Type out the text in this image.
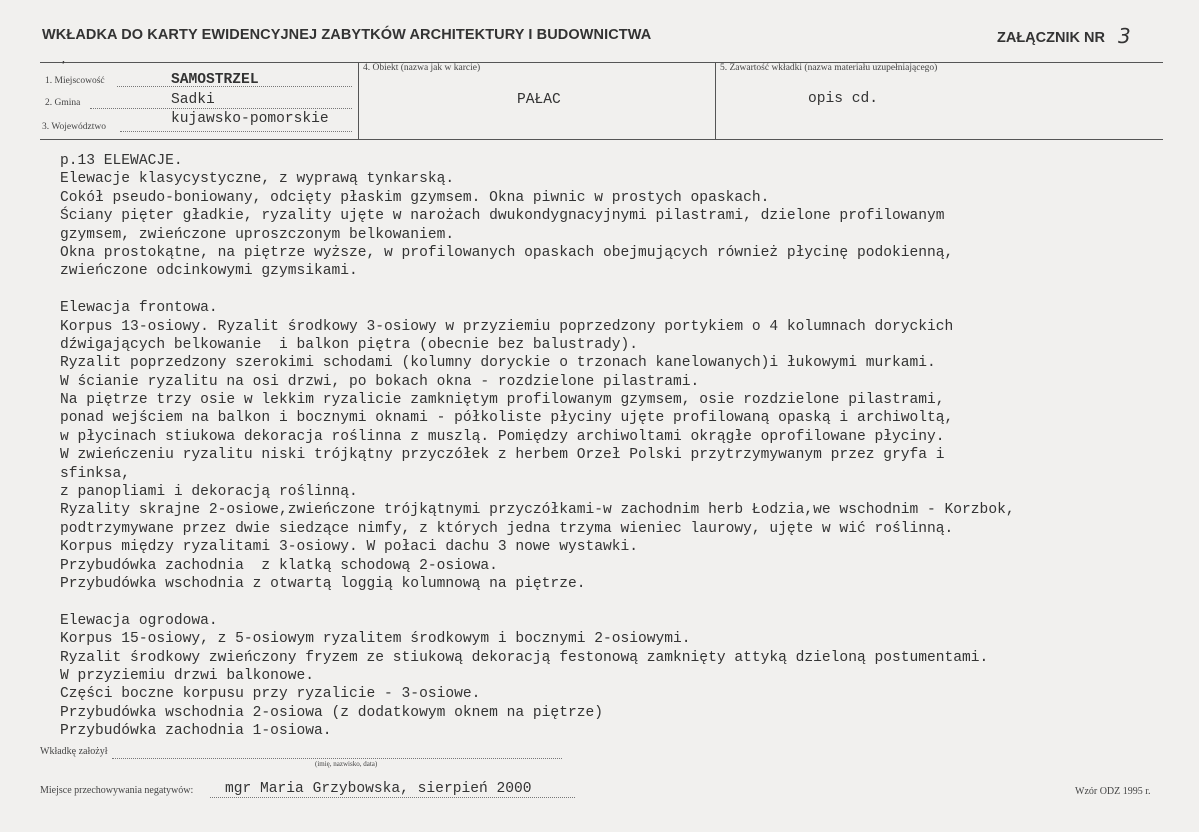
WKŁADKA DO KARTY EWIDENCYJNEJ ZABYTKÓW ARCHITEKTURY I BUDOWNICTWA	ZAŁĄCZNIK NR 3
,
1. Miejscowość	SAMOSTRZEL
2. Gmina	Sadki
3. Województwo	kujawsko-pomorskie
4. Obiekt (nazwa jak w karcie)
PAŁAC
5. Zawartość wkładki (nazwa materiału uzupełniającego)
opis cd.
p.13 ELEWACJE.
Elewacje klasycystyczne, z wyprawą tynkarską.
Cokół pseudo-boniowany, odcięty płaskim gzymsem. Okna piwnic w prostych opaskach.
Ściany pięter gładkie, ryzality ujęte w narożach dwukondygnacyjnymi pilastrami, dzielone profilowanym
gzymsem, zwieńczone uproszczonym belkowaniem.
Okna prostokątne, na piętrze wyższe, w profilowanych opaskach obejmujących również płycinę podokienną,
zwieńczone odcinkowymi gzymsikami.
Elewacja frontowa.
Korpus 13-osiowy. Ryzalit środkowy 3-osiowy w przyziemiu poprzedzony portykiem o 4 kolumnach doryckich
dźwigających belkowanie  i balkon piętra (obecnie bez balustrady).
Ryzalit poprzedzony szerokimi schodami (kolumny doryckie o trzonach kanelowanych)i łukowymi murkami.
W ścianie ryzalitu na osi drzwi, po bokach okna - rozdzielone pilastrami.
Na piętrze trzy osie w lekkim ryzalicie zamkniętym profilowanym gzymsem, osie rozdzielone pilastrami,
ponad wejściem na balkon i bocznymi oknami - półkoliste płyciny ujęte profilowaną opaską i archiwoltą,
w płycinach stiukowa dekoracja roślinna z muszlą. Pomiędzy archiwoltami okrągłe oprofilowane płyciny.
W zwieńczeniu ryzalitu niski trójkątny przyczółek z herbem Orzeł Polski przytrzymywanym przez gryfa i
sfinksa,
z panopliami i dekoracją roślinną.
Ryzality skrajne 2-osiowe,zwieńczone trójkątnymi przyczółkami-w zachodnim herb Łodzia,we wschodnim - Korzbok,
podtrzymywane przez dwie siedzące nimfy, z których jedna trzyma wieniec laurowy, ujęte w wić roślinną.
Korpus między ryzalitami 3-osiowy. W połaci dachu 3 nowe wystawki.
Przybudówka zachodnia  z klatką schodową 2-osiowa.
Przybudówka wschodnia z otwartą loggią kolumnową na piętrze.
Elewacja ogrodowa.
Korpus 15-osiowy, z 5-osiowym ryzalitem środkowym i bocznymi 2-osiowymi.
Ryzalit środkowy zwieńczony fryzem ze stiukową dekoracją festonową zamknięty attyką dzieloną postumentami.
W przyziemiu drzwi balkonowe.
Części boczne korpusu przy ryzalicie - 3-osiowe.
Przybudówka wschodnia 2-osiowa (z dodatkowym oknem na piętrze)
Przybudówka zachodnia 1-osiowa.
Wkładkę założył
(imię, nazwisko, data)
Miejsce przechowywania negatywów: mgr Maria Grzybowska, sierpień 2000	Wzór ODZ 1995 r.
